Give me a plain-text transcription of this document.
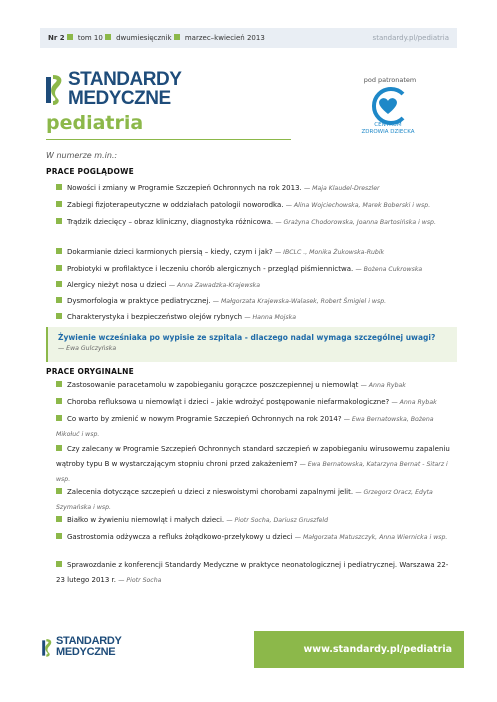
Nr 2 tom 10 dwumiesięcznik marzec–kwiecień 2013	standardy.pl/pediatria
STANDARDY
MEDYCZNE
pediatria
pod patronatem
CENTRUM
ZDROWIA DZIECKA
W numerze m.in.:
PRACE POGLĄDOWE
Nowości i zmiany w Programie Szczepień Ochronnych na rok 2013. — Maja Klaudel-Dreszler
Zabiegi fizjoterapeutyczne w oddziałach patologii noworodka. — Alina Wojciechowska, Marek Boberski i wsp.
Trądzik dziecięcy – obraz kliniczny, diagnostyka różnicowa. — Grażyna Chodorowska, Joanna Bartosińska i wsp.
Dokarmianie dzieci karmionych piersią – kiedy, czym i jak? — IBCLC ., Monika Żukowska-Rubik
Probiotyki w profilaktyce i leczeniu chorób alergicznych - przegląd piśmiennictwa. — Bożena Cukrowska
Alergicy nieżyt nosa u dzieci — Anna Zawadzka-Krajewska
Dysmorfologia w praktyce pediatrycznej. — Małgorzata Krajewska-Walasek, Robert Śmigiel i wsp.
Charakterystyka i bezpieczeństwo olejów rybnych — Hanna Mojska
Żywienie wcześniaka po wypisie ze szpitala - dlaczego nadal wymaga szczególnej uwagi?
— Ewa Gulczyńska
PRACE ORYGINALNE
Zastosowanie paracetamolu w zapobieganiu gorączce poszczepiennej u niemowląt — Anna Rybak
Choroba refluksowa u niemowląt i dzieci – jakie wdrożyć postępowanie niefarmakologiczne? — Anna Rybak
Co warto by zmienić w nowym Programie Szczepień Ochronnych na rok 2014? — Ewa Bernatowska, Bożena Mikołuć i wsp.
Czy zalecany w Programie Szczepień Ochronnych standard szczepień w zapobieganiu wirusowemu zapaleniu wątroby typu B w wystarczającym stopniu chroni przed zakażeniem? — Ewa Bernatowska, Katarzyna Bernat - Sitarz i wsp.
Zalecenia dotyczące szczepień u dzieci z nieswoistymi chorobami zapalnymi jelit. — Grzegorz Oracz, Edyta Szymańska i wsp.
Białko w żywieniu niemowląt i małych dzieci. — Piotr Socha, Dariusz Gruszfeld
Gastrostomia odżywcza a refluks żołądkowo-przełykowy u dzieci — Małgorzata Matuszczyk, Anna Wiernicka i wsp.
Sprawozdanie z konferencji Standardy Medyczne w praktyce neonatologicznej i pediatrycznej. Warszawa 22-23 lutego 2013 r. — Piotr Socha
STANDARDY
MEDYCZNE	www.standardy.pl/pediatria
